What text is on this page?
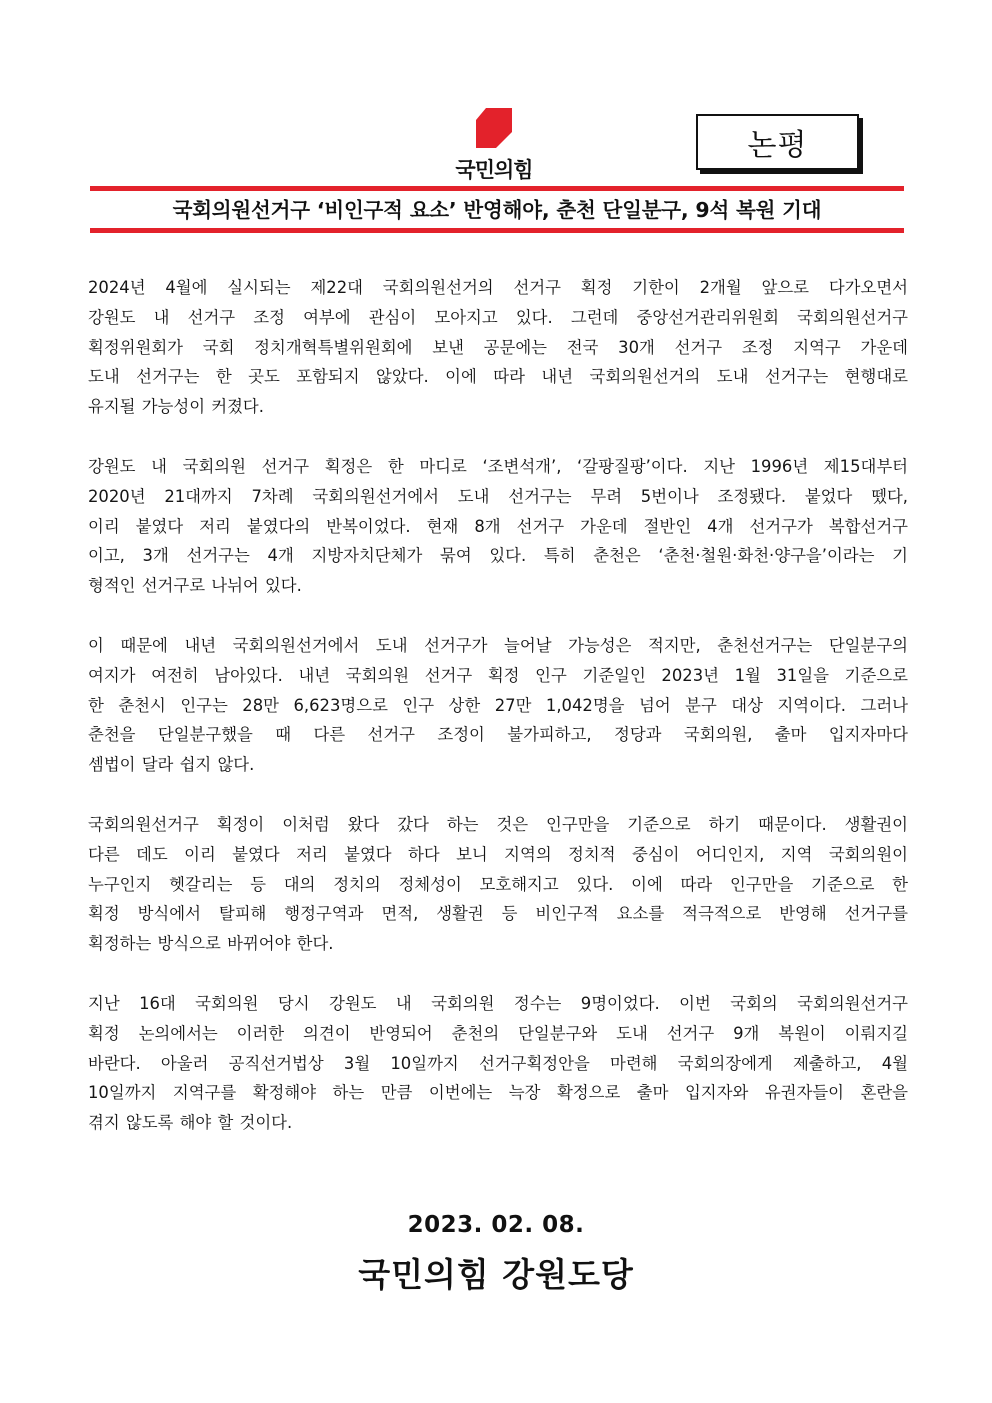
국민의힘
논평
국회의원선거구 ‘비인구적 요소’ 반영해야, 춘천 단일분구, 9석 복원 기대
2024년 4월에 실시되는 제22대 국회의원선거의 선거구 획정 기한이 2개월 앞으로 다가오면서
강원도 내 선거구 조정 여부에 관심이 모아지고 있다. 그런데 중앙선거관리위원회 국회의원선거구
획정위원회가 국회 정치개혁특별위원회에 보낸 공문에는 전국 30개 선거구 조정 지역구 가운데
도내 선거구는 한 곳도 포함되지 않았다. 이에 따라 내년 국회의원선거의 도내 선거구는 현행대로
유지될 가능성이 커졌다.
강원도 내 국회의원 선거구 획정은 한 마디로 ‘조변석개’, ‘갈팡질팡’이다. 지난 1996년 제15대부터
2020년 21대까지 7차례 국회의원선거에서 도내 선거구는 무려 5번이나 조정됐다. 붙었다 뗐다,
이리 붙였다 저리 붙였다의 반복이었다. 현재 8개 선거구 가운데 절반인 4개 선거구가 복합선거구
이고, 3개 선거구는 4개 지방자치단체가 묶여 있다. 특히 춘천은 ‘춘천·철원·화천·양구을’이라는 기
형적인 선거구로 나뉘어 있다.
이 때문에 내년 국회의원선거에서 도내 선거구가 늘어날 가능성은 적지만, 춘천선거구는 단일분구의
여지가 여전히 남아있다. 내년 국회의원 선거구 획정 인구 기준일인 2023년 1월 31일을 기준으로
한 춘천시 인구는 28만 6,623명으로 인구 상한 27만 1,042명을 넘어 분구 대상 지역이다. 그러나
춘천을 단일분구했을 때 다른 선거구 조정이 불가피하고, 정당과 국회의원, 출마 입지자마다
셈법이 달라 쉽지 않다.
국회의원선거구 획정이 이처럼 왔다 갔다 하는 것은 인구만을 기준으로 하기 때문이다. 생활권이
다른 데도 이리 붙였다 저리 붙였다 하다 보니 지역의 정치적 중심이 어디인지, 지역 국회의원이
누구인지 헷갈리는 등 대의 정치의 정체성이 모호해지고 있다. 이에 따라 인구만을 기준으로 한
획정 방식에서 탈피해 행정구역과 면적, 생활권 등 비인구적 요소를 적극적으로 반영해 선거구를
획정하는 방식으로 바뀌어야 한다.
지난 16대 국회의원 당시 강원도 내 국회의원 정수는 9명이었다. 이번 국회의 국회의원선거구
획정 논의에서는 이러한 의견이 반영되어 춘천의 단일분구와 도내 선거구 9개 복원이 이뤄지길
바란다. 아울러 공직선거법상 3월 10일까지 선거구획정안을 마련해 국회의장에게 제출하고, 4월
10일까지 지역구를 확정해야 하는 만큼 이번에는 늑장 확정으로 출마 입지자와 유권자들이 혼란을
겪지 않도록 해야 할 것이다.
2023. 02. 08.
국민의힘 강원도당
